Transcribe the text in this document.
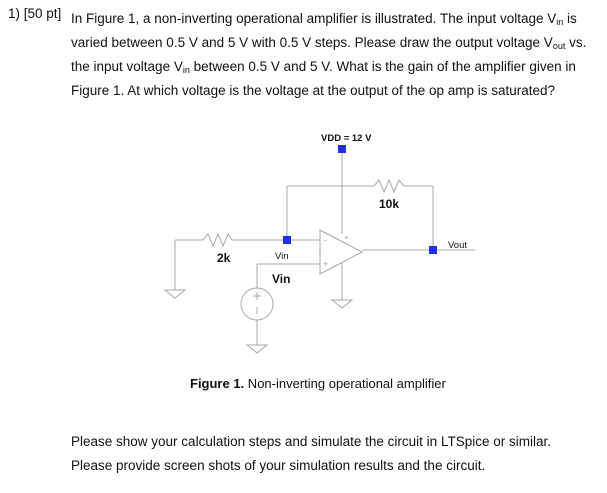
1) [50 pt] In Figure 1, a non-inverting operational amplifier is illustrated. The input voltage $V_{in}$ is
varied between 0.5 V and 5 V with 0.5 V steps. Please draw the output voltage $V_{out}$ vs.
the input voltage $V_{in}$ between 0.5 V and 5 V. What is the gain of the amplifier given in
Figure 1. At which voltage is the voltage at the output of the op amp is saturated?
-
+
+
VDD = 12 V
10k
2k	Vin
Vin
Vout
Figure 1. Non-inverting operational amplifier
Please show your calculation steps and simulate the circuit in LTSpice or similar.
Please provide screen shots of your simulation results and the circuit.
